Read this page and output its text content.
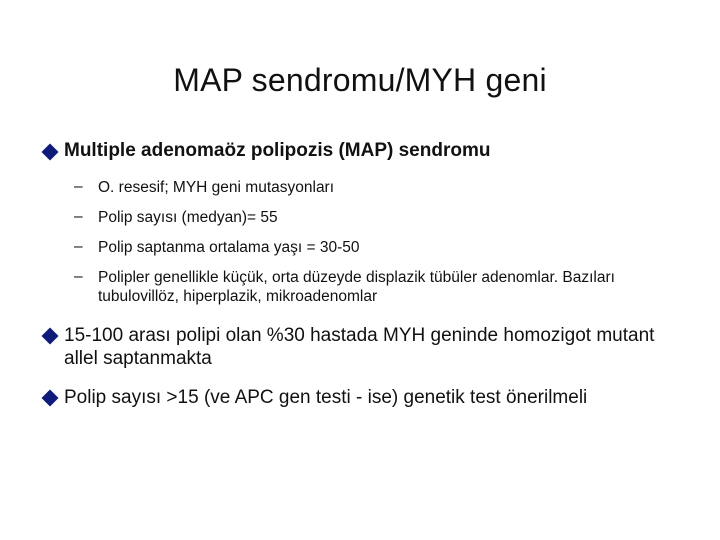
MAP sendromu/MYH geni
Multiple adenomaöz polipozis (MAP) sendromu
– O. resesif; MYH geni mutasyonları
– Polip sayısı (medyan)= 55
– Polip saptanma ortalama yaşı = 30-50
– Polipler genellikle küçük, orta düzeyde displazik tübüler adenomlar. Bazıları tubulovillöz, hiperplazik, mikroadenomlar
15-100 arası polipi olan %30 hastada MYH geninde homozigot mutant allel saptanmakta
Polip sayısı >15 (ve APC gen testi - ise) genetik test önerilmeli
